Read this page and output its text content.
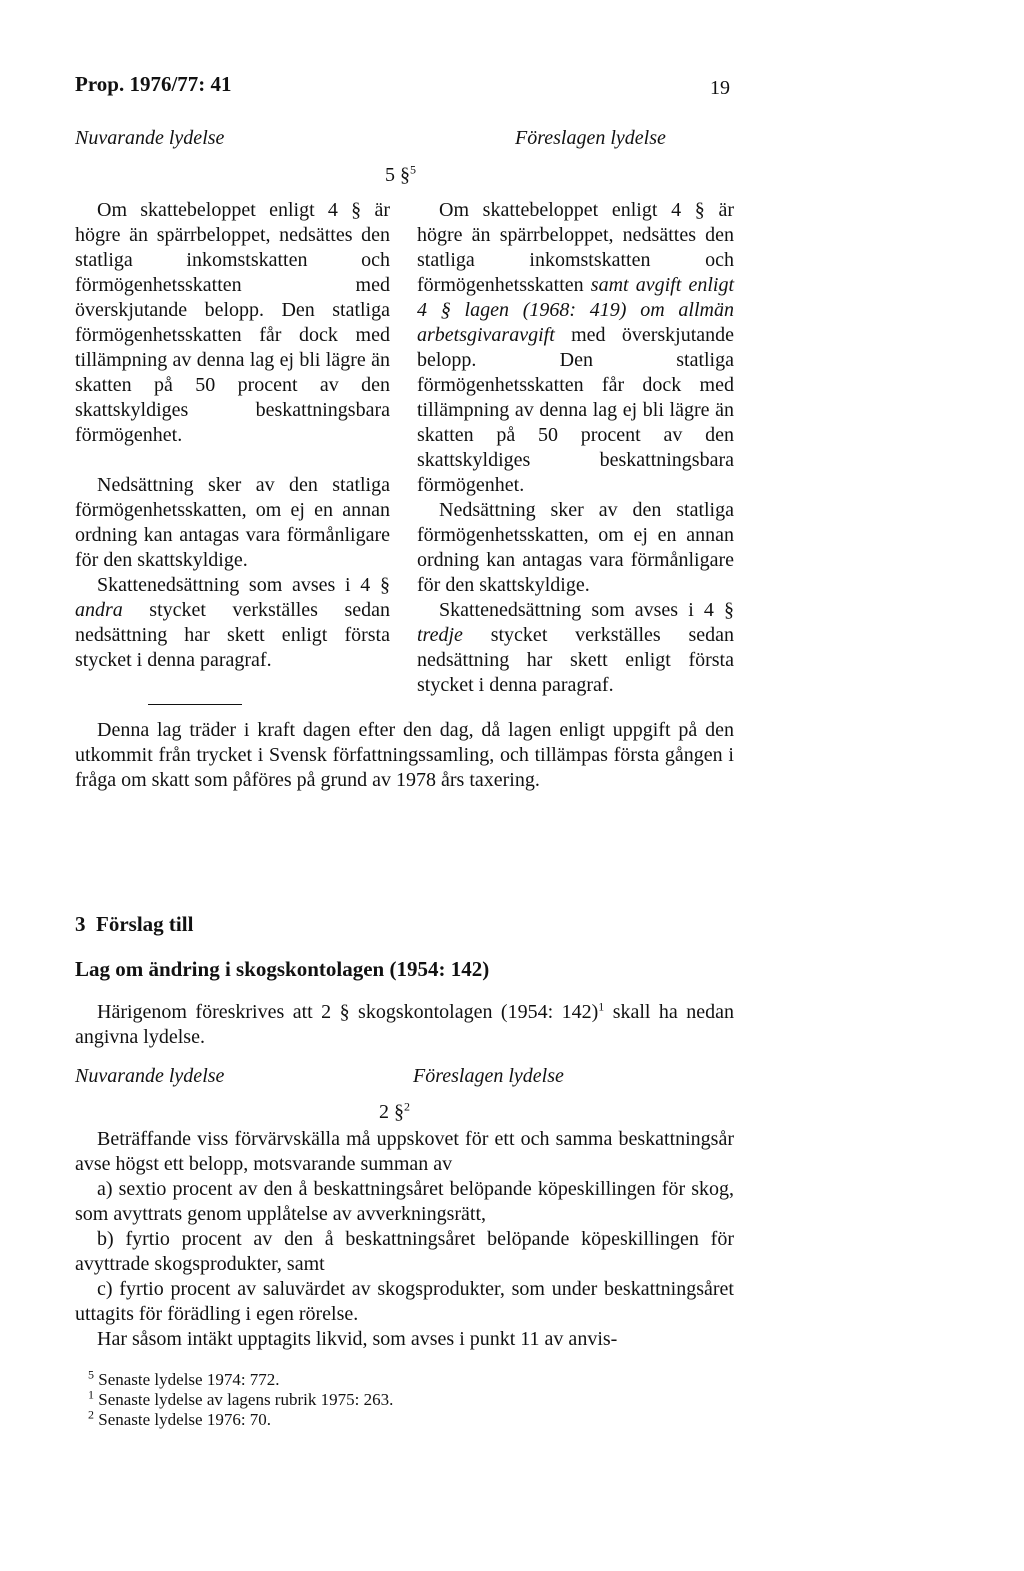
Prop. 1976/77: 41	19
Nuvarande lydelse	Föreslagen lydelse
5 §$^5$

Om skattebeloppet enligt 4 § är högre än spärrbeloppet, nedsättes den statliga inkomstskatten och förmögenhetsskatten med överskjutande belopp. Den statliga förmögenhetsskatten får dock med tillämpning av denna lag ej bli lägre än skatten på 50 procent av den skattskyldiges beskattningsbara förmögenhet.

Nedsättning sker av den statliga förmögenhetsskatten, om ej en annan ordning kan antagas vara förmånligare för den skattskyldige.

Skattenedsättning som avses i 4 § andra stycket verkställes sedan nedsättning har skett enligt första stycket i denna paragraf.

Om skattebeloppet enligt 4 § är högre än spärrbeloppet, nedsättes den statliga inkomstskatten och förmögenhetsskatten samt avgift enligt 4 § lagen (1968: 419) om allmän arbetsgivaravgift med överskjutande belopp. Den statliga förmögenhetsskatten får dock med tillämpning av denna lag ej bli lägre än skatten på 50 procent av den skattskyldiges beskattningsbara förmögenhet.

Nedsättning sker av den statliga förmögenhetsskatten, om ej en annan ordning kan antagas vara förmånligare för den skattskyldige.

Skattenedsättning som avses i 4 § tredje stycket verkställes sedan nedsättning har skett enligt första stycket i denna paragraf.

Denna lag träder i kraft dagen efter den dag, då lagen enligt uppgift på den utkommit från trycket i Svensk författningssamling, och tillämpas första gången i fråga om skatt som påföres på grund av 1978 års taxering.

3 Förslag till
Lag om ändring i skogskontolagen (1954: 142)

Härigenom föreskrives att 2 § skogskontolagen (1954: 142)$^1$ skall ha nedan angivna lydelse.

Nuvarande lydelse	Föreslagen lydelse
2 §$^2$

Beträffande viss förvärvskälla må uppskovet för ett och samma beskattningsår avse högst ett belopp, motsvarande summan av

a) sextio procent av den å beskattningsåret belöpande köpeskillingen för skog, som avyttrats genom upplåtelse av avverkningsrätt,

b) fyrtio procent av den å beskattningsåret belöpande köpeskillingen för avyttrade skogsprodukter, samt

c) fyrtio procent av saluvärdet av skogsprodukter, som under beskattningsåret uttagits för förädling i egen rörelse.

Har såsom intäkt upptagits likvid, som avses i punkt 11 av anvis-

$^5$ Senaste lydelse 1974: 772.
$^1$ Senaste lydelse av lagens rubrik 1975: 263.
$^2$ Senaste lydelse 1976: 70.
